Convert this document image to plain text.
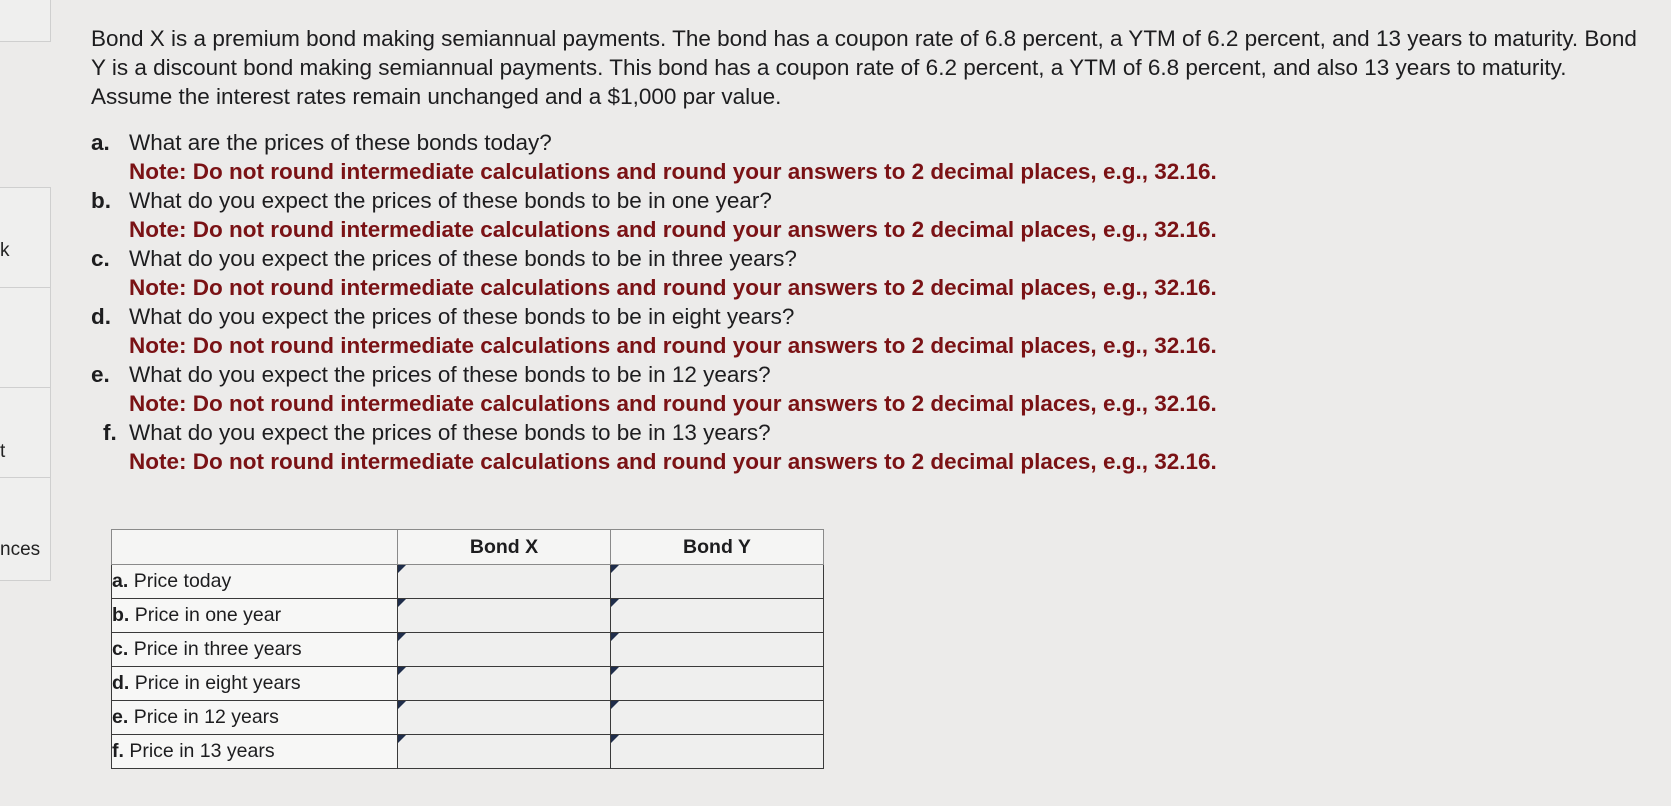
k
t
nces

Bond X is a premium bond making semiannual payments. The bond has a coupon rate of 6.8 percent, a YTM of 6.2 percent, and 13 years to maturity. Bond Y is a discount bond making semiannual payments. This bond has a coupon rate of 6.2 percent, a YTM of 6.8 percent, and also 13 years to maturity. Assume the interest rates remain unchanged and a $1,000 par value.

a. What are the prices of these bonds today?
Note: Do not round intermediate calculations and round your answers to 2 decimal places, e.g., 32.16.
b. What do you expect the prices of these bonds to be in one year?
Note: Do not round intermediate calculations and round your answers to 2 decimal places, e.g., 32.16.
c. What do you expect the prices of these bonds to be in three years?
Note: Do not round intermediate calculations and round your answers to 2 decimal places, e.g., 32.16.
d. What do you expect the prices of these bonds to be in eight years?
Note: Do not round intermediate calculations and round your answers to 2 decimal places, e.g., 32.16.
e. What do you expect the prices of these bonds to be in 12 years?
Note: Do not round intermediate calculations and round your answers to 2 decimal places, e.g., 32.16.
f. What do you expect the prices of these bonds to be in 13 years?
Note: Do not round intermediate calculations and round your answers to 2 decimal places, e.g., 32.16.
	Bond X	Bond Y
a. Price today		
b. Price in one year		
c. Price in three years		
d. Price in eight years		
e. Price in 12 years		
f. Price in 13 years		
